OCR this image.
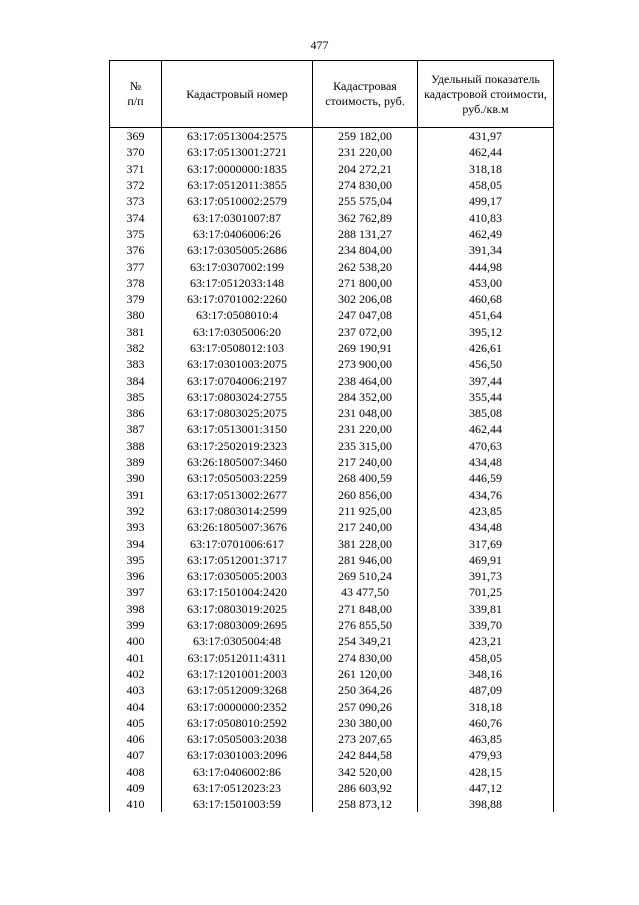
477
№
п/п	Кадастровый номер	Кадастровая стоимость, руб.	Удельный показатель кадастровой стоимости, руб./кв.м
369	63:17:0513004:2575	259 182,00	431,97
370	63:17:0513001:2721	231 220,00	462,44
371	63:17:0000000:1835	204 272,21	318,18
372	63:17:0512011:3855	274 830,00	458,05
373	63:17:0510002:2579	255 575,04	499,17
374	63:17:0301007:87	362 762,89	410,83
375	63:17:0406006:26	288 131,27	462,49
376	63:17:0305005:2686	234 804,00	391,34
377	63:17:0307002:199	262 538,20	444,98
378	63:17:0512033:148	271 800,00	453,00
379	63:17:0701002:2260	302 206,08	460,68
380	63:17:0508010:4	247 047,08	451,64
381	63:17:0305006:20	237 072,00	395,12
382	63:17:0508012:103	269 190,91	426,61
383	63:17:0301003:2075	273 900,00	456,50
384	63:17:0704006:2197	238 464,00	397,44
385	63:17:0803024:2755	284 352,00	355,44
386	63:17:0803025:2075	231 048,00	385,08
387	63:17:0513001:3150	231 220,00	462,44
388	63:17:2502019:2323	235 315,00	470,63
389	63:26:1805007:3460	217 240,00	434,48
390	63:17:0505003:2259	268 400,59	446,59
391	63:17:0513002:2677	260 856,00	434,76
392	63:17:0803014:2599	211 925,00	423,85
393	63:26:1805007:3676	217 240,00	434,48
394	63:17:0701006:617	381 228,00	317,69
395	63:17:0512001:3717	281 946,00	469,91
396	63:17:0305005:2003	269 510,24	391,73
397	63:17:1501004:2420	43 477,50	701,25
398	63:17:0803019:2025	271 848,00	339,81
399	63:17:0803009:2695	276 855,50	339,70
400	63:17:0305004:48	254 349,21	423,21
401	63:17:0512011:4311	274 830,00	458,05
402	63:17:1201001:2003	261 120,00	348,16
403	63:17:0512009:3268	250 364,26	487,09
404	63:17:0000000:2352	257 090,26	318,18
405	63:17:0508010:2592	230 380,00	460,76
406	63:17:0505003:2038	273 207,65	463,85
407	63:17:0301003:2096	242 844,58	479,93
408	63:17:0406002:86	342 520,00	428,15
409	63:17:0512023:23	286 603,92	447,12
410	63:17:1501003:59	258 873,12	398,88
